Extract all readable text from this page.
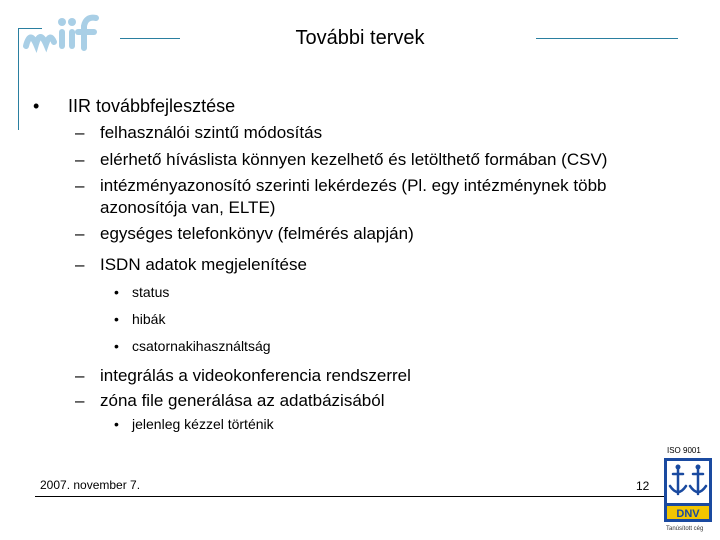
További tervek
• IIR továbbfejlesztése
– felhasználói szintű módosítás
– elérhető híváslista könnyen kezelhető és letölthető formában (CSV)
– intézményazonosító szerinti lekérdezés (Pl. egy intézménynek több
azonosítója van, ELTE)
– egységes telefonkönyv (felmérés alapján)
– ISDN adatok megjelenítése
• status
• hibák
• csatornakihasználtság
– integrálás a videokonferencia rendszerrel
– zóna file generálása az adatbázisából
• jelenleg kézzel történik
2007. november 7.	12
ISO 9001
DNV
Tanúsított cég
